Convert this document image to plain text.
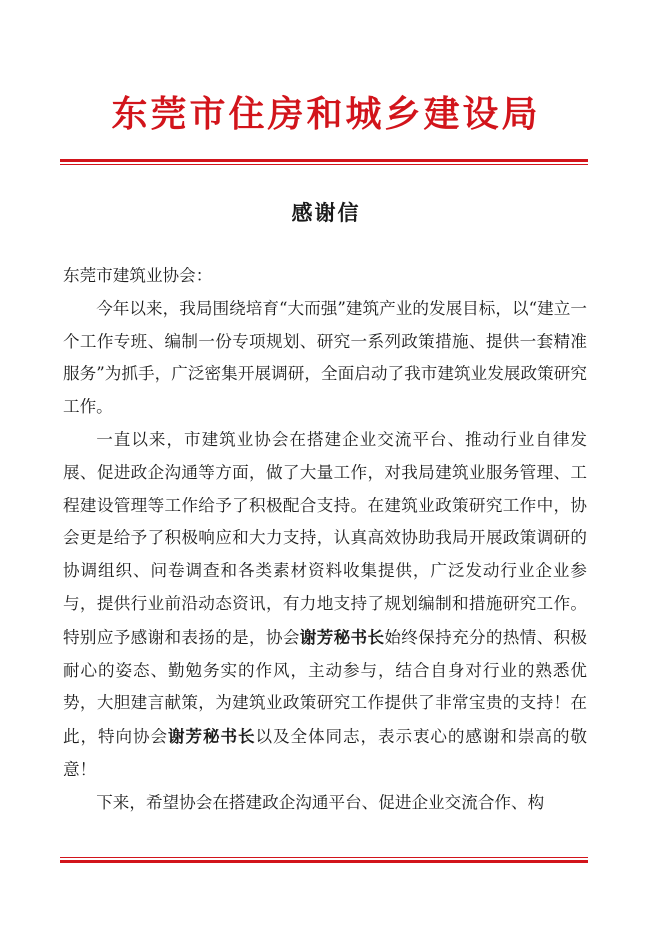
东莞市住房和城乡建设局
感谢信

东莞市建筑业协会：

今年以来，我局围绕培育“大而强”建筑产业的发展目标，以“建立一个工作专班、编制一份专项规划、研究一系列政策措施、提供一套精准服务”为抓手，广泛密集开展调研，全面启动了我市建筑业发展政策研究工作。

一直以来，市建筑业协会在搭建企业交流平台、推动行业自律发展、促进政企沟通等方面，做了大量工作，对我局建筑业服务管理、工程建设管理等工作给予了积极配合支持。在建筑业政策研究工作中，协会更是给予了积极响应和大力支持，认真高效协助我局开展政策调研的协调组织、问卷调查和各类素材资料收集提供，广泛发动行业企业参与，提供行业前沿动态资讯，有力地支持了规划编制和措施研究工作。特别应予感谢和表扬的是，协会谢芳秘书长始终保持充分的热情、积极耐心的姿态、勤勉务实的作风，主动参与，结合自身对行业的熟悉优势，大胆建言献策，为建筑业政策研究工作提供了非常宝贵的支持！在此，特向协会谢芳秘书长以及全体同志，表示衷心的感谢和崇高的敬意！

下来，希望协会在搭建政企沟通平台、促进企业交流合作、构
